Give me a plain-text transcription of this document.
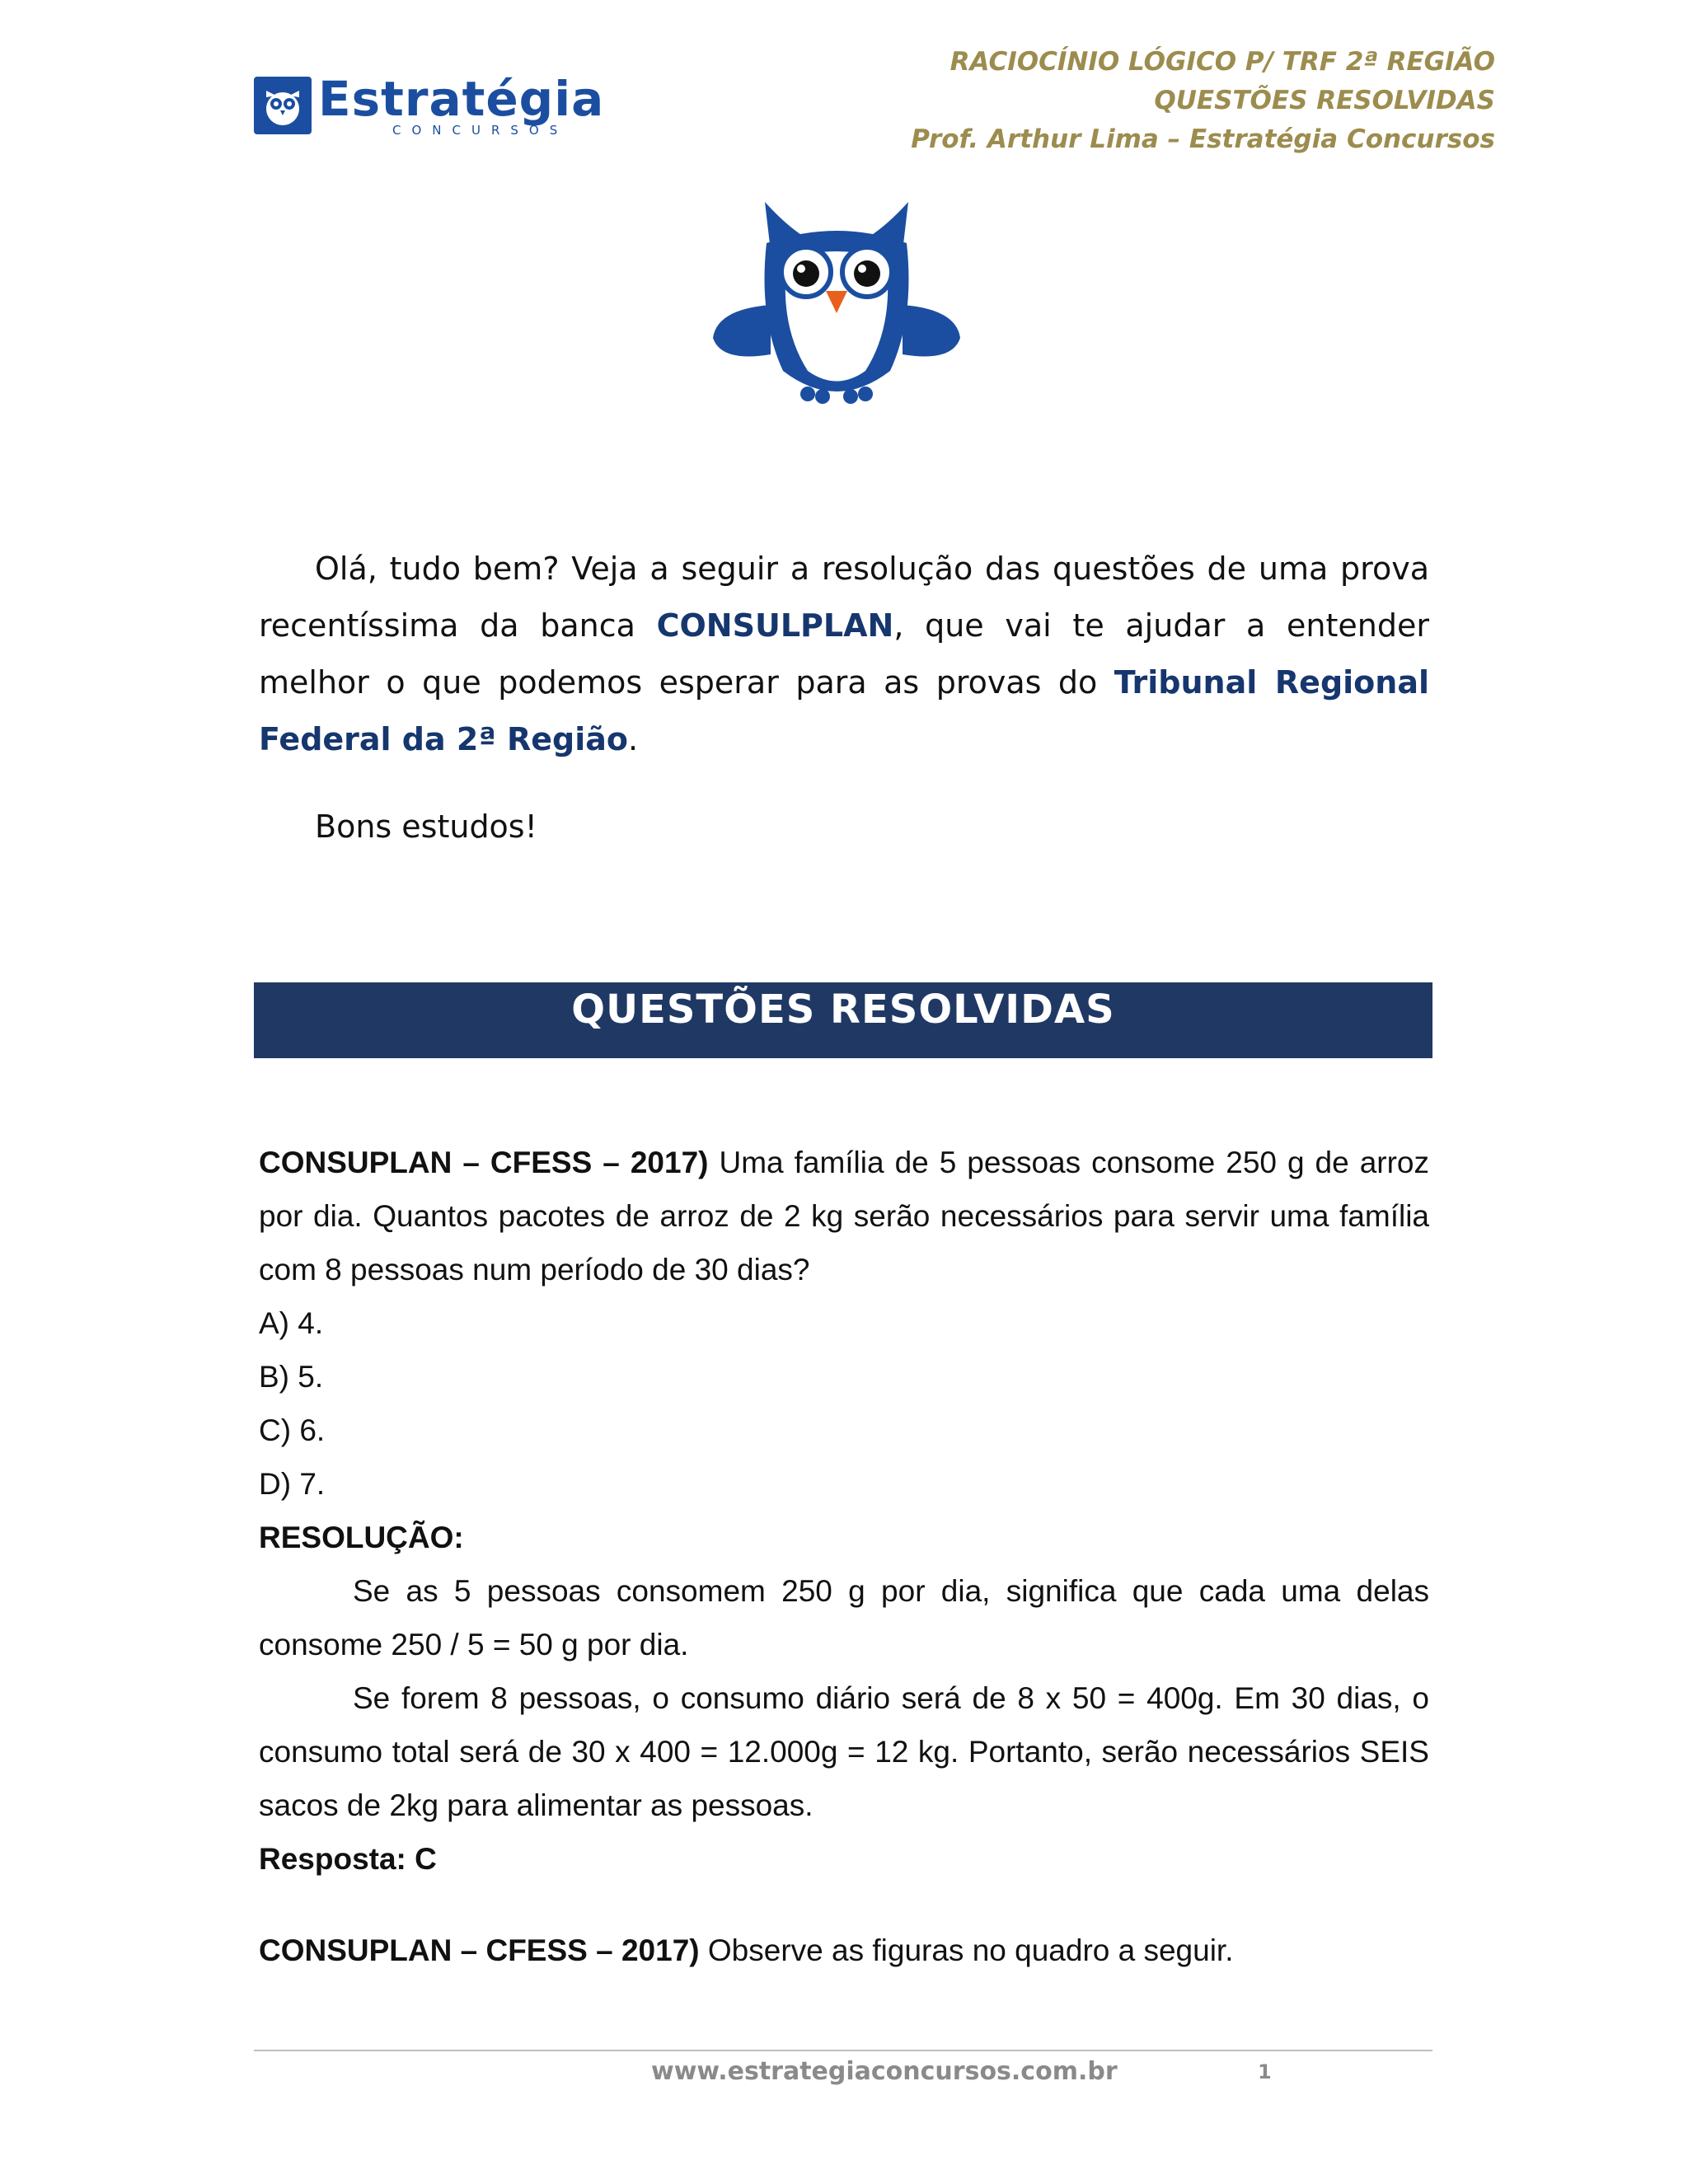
Estratégia
CONCURSOS
RACIOCÍNIO LÓGICO P/ TRF 2ª REGIÃO
QUESTÕES RESOLVIDAS
Prof. Arthur Lima – Estratégia Concursos
Olá, tudo bem? Veja a seguir a resolução das questões de uma prova recentíssima da banca CONSULPLAN, que vai te ajudar a entender melhor o que podemos esperar para as provas do Tribunal Regional Federal da 2ª Região.
Bons estudos!
QUESTÕES RESOLVIDAS

CONSUPLAN – CFESS – 2017) Uma família de 5 pessoas consome 250 g de arroz por dia. Quantos pacotes de arroz de 2 kg serão necessários para servir uma família com 8 pessoas num período de 30 dias?

A) 4.

B) 5.

C) 6.

D) 7.

RESOLUÇÃO:

Se as 5 pessoas consomem 250 g por dia, significa que cada uma delas consome 250 / 5 = 50 g por dia.

Se forem 8 pessoas, o consumo diário será de 8 x 50 = 400g. Em 30 dias, o consumo total será de 30 x 400 = 12.000g = 12 kg. Portanto, serão necessários SEIS sacos de 2kg para alimentar as pessoas.

Resposta: C

CONSUPLAN – CFESS – 2017) Observe as figuras no quadro a seguir.

www.estrategiaconcursos.com.br	1
